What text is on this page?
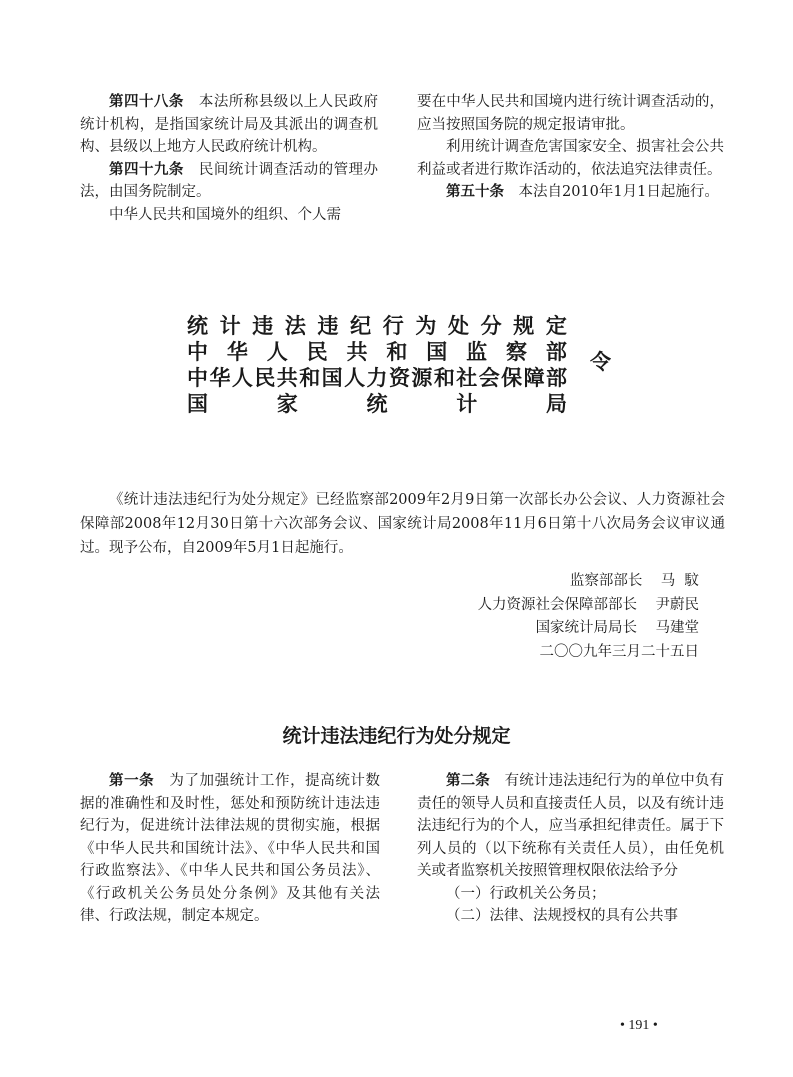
第四十八条　 本法所称县级以上人民政府统计机构，是指国家统计局及其派出的调查机构、县级以上地方人民政府统计机构。

第四十九条　 民间统计调查活动的管理办法，由国务院制定。

中华人民共和国境外的组织、个人需

要在中华人民共和国境内进行统计调查活动的，应当按照国务院的规定报请审批。

利用统计调查危害国家安全、损害社会公共利益或者进行欺诈活动的，依法追究法律责任。

第五十条　 本法自2010年1月1日起施行。

统 计 违 法 违 纪 行 为 处 分 规 定
中 华 人 民 共 和 国 监 察 部
中 华 人 民 共 和 国 人 力 资 源 和 社 会 保 障 部
国	家	统	计	局
令

《统计违法违纪行为处分规定》已经监察部2009年2月9日第一次部长办公会议、人力资源社会保障部2008年12月30日第十六次部务会议、国家统计局2008年11月6日第十八次局务会议审议通过。现予公布，自2009年5月1日起施行。

监察部部长    马  馼
人力资源社会保障部部长    尹蔚民
国家统计局局长    马建堂
二〇〇九年三月二十五日
统计违法违纪行为处分规定

第一条　 为了加强统计工作，提高统计数据的准确性和及时性，惩处和预防统计违法违纪行为，促进统计法律法规的贯彻实施，根据《中华人民共和国统计法》、《中华人民共和国行政监察法》、《中华人民共和国公务员法》、《行政机关公务员处分条例》及其他有关法律、行政法规，制定本规定。

第二条　 有统计违法违纪行为的单位中负有责任的领导人员和直接责任人员，以及有统计违法违纪行为的个人，应当承担纪律责任。属于下列人员的（以下统称有关责任人员），由任免机关或者监察机关按照管理权限依法给予分

（一）行政机关公务员；

（二）法律、法规授权的具有公共事

• 191 •
